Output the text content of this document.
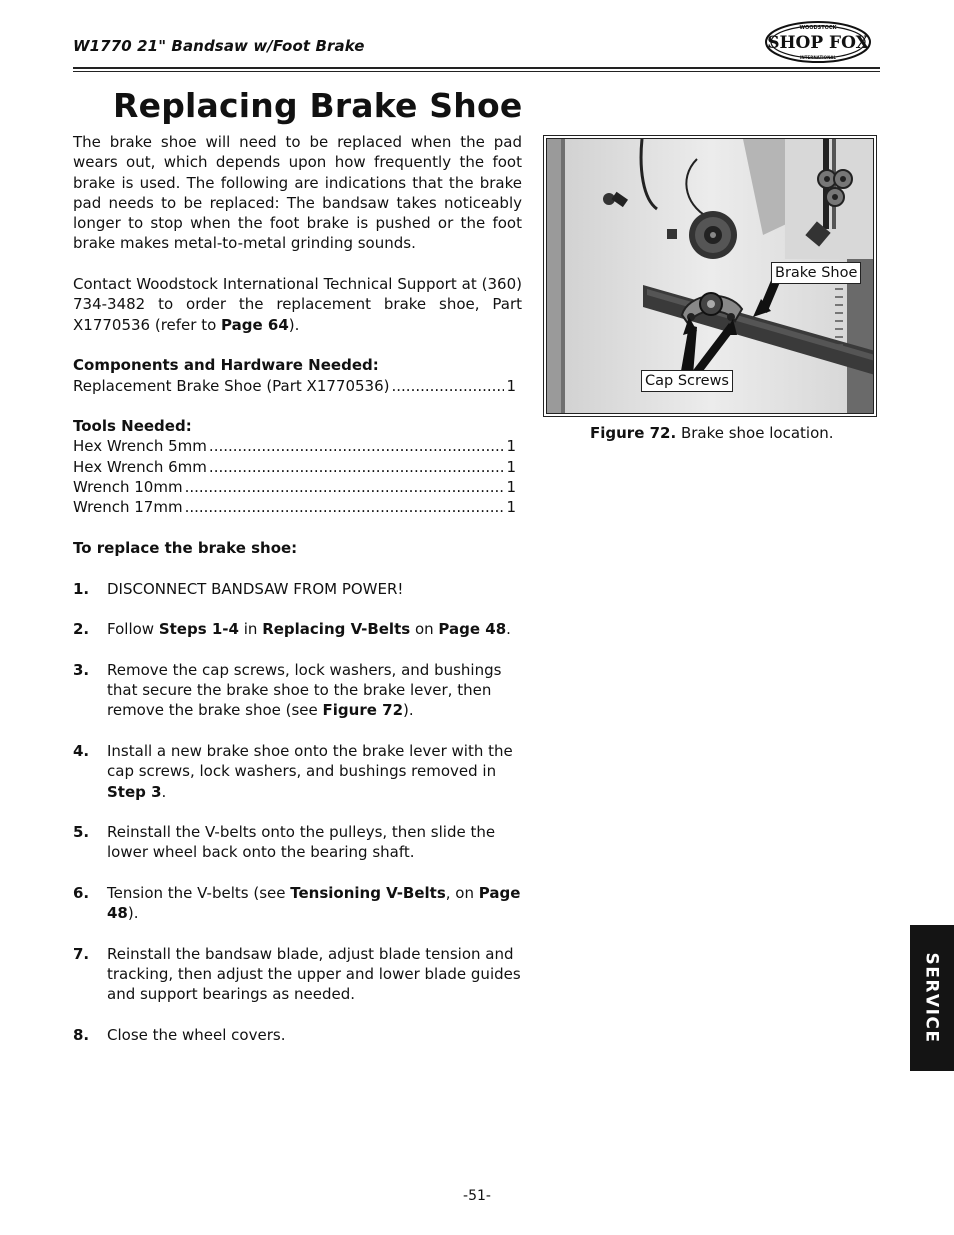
W1770 21" Bandsaw w/Foot Brake
WOODSTOCK
SHOP FOX
INTERNATIONAL
Replacing Brake Shoe

The brake shoe will need to be replaced when the pad wears out, which depends upon how frequently the foot brake is used. The following are indications that the brake pad needs to be replaced: The bandsaw takes noticeably longer to stop when the foot brake is pushed or the foot brake makes metal-to-metal grinding sounds.

Contact Woodstock International Technical Support at (360) 734-3482 to order the replacement brake shoe, Part X1770536 (refer to Page 64).

Components and Hardware Needed:

Replacement Brake Shoe (Part X1770536) .....	1

Tools Needed:

Hex Wrench 5mm .....	1
Hex Wrench 6mm .....	1
Wrench 10mm .....	1
Wrench 17mm .....	1

To replace the brake shoe:

1.	DISCONNECT BANDSAW FROM POWER!
2.	Follow Steps 1-4 in Replacing V-Belts on Page 48.
3.	Remove the cap screws, lock washers, and bushings that secure the brake shoe to the brake lever, then remove the brake shoe (see Figure 72).
4.	Install a new brake shoe onto the brake lever with the cap screws, lock washers, and bushings removed in Step 3.
5.	Reinstall the V-belts onto the pulleys, then slide the lower wheel back onto the bearing shaft.
6.	Tension the V-belts (see Tensioning V-Belts, on Page 48).
7.	Reinstall the bandsaw blade, adjust blade tension and tracking, then adjust the upper and lower blade guides and support bearings as needed.
8.	Close the wheel covers.
Brake Shoe
Cap Screws
Figure 72. Brake shoe location.
SERVICE
-51-
